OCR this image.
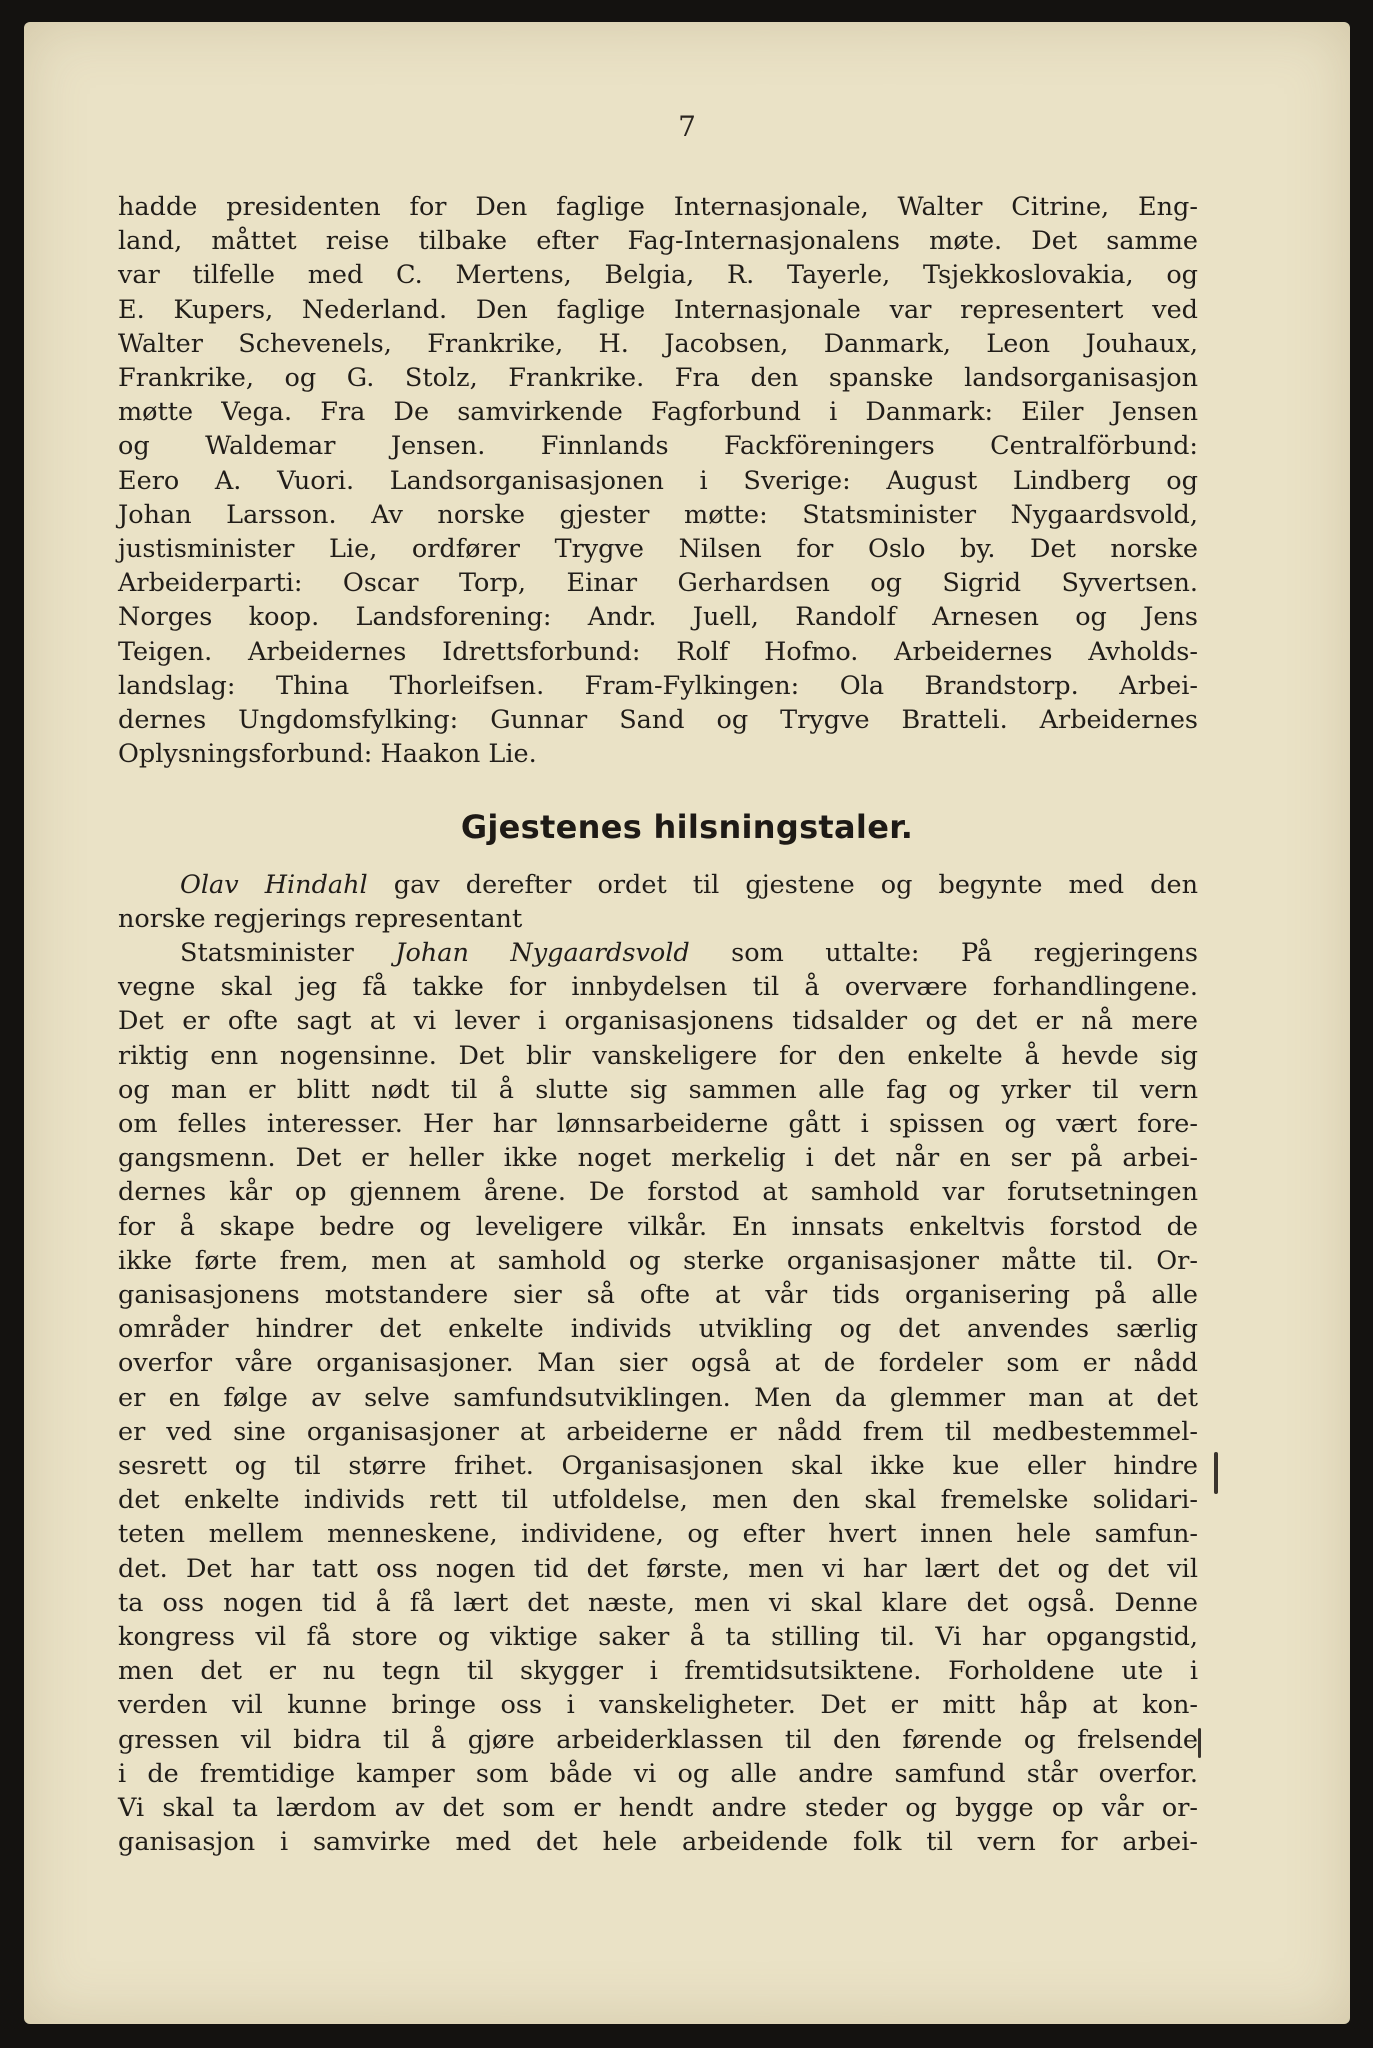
7
hadde presidenten for Den faglige Internasjonale, Walter Citrine, Eng-
land, måttet reise tilbake efter Fag-Internasjonalens møte. Det samme
var tilfelle med C. Mertens, Belgia, R. Tayerle, Tsjekkoslovakia, og
E. Kupers, Nederland. Den faglige Internasjonale var representert ved
Walter Schevenels, Frankrike, H. Jacobsen, Danmark, Leon Jouhaux,
Frankrike, og G. Stolz, Frankrike. Fra den spanske landsorganisasjon
møtte Vega. Fra De samvirkende Fagforbund i Danmark: Eiler Jensen
og Waldemar Jensen. Finnlands Fackföreningers Centralförbund:
Eero A. Vuori. Landsorganisasjonen i Sverige: August Lindberg og
Johan Larsson. Av norske gjester møtte: Statsminister Nygaardsvold,
justisminister Lie, ordfører Trygve Nilsen for Oslo by. Det norske
Arbeiderparti: Oscar Torp, Einar Gerhardsen og Sigrid Syvertsen.
Norges koop. Landsforening: Andr. Juell, Randolf Arnesen og Jens
Teigen. Arbeidernes Idrettsforbund: Rolf Hofmo. Arbeidernes Avholds-
landslag: Thina Thorleifsen. Fram-Fylkingen: Ola Brandstorp. Arbei-
dernes Ungdomsfylking: Gunnar Sand og Trygve Bratteli. Arbeidernes
Oplysningsforbund: Haakon Lie.
Gjestenes hilsningstaler.
Olav Hindahl gav derefter ordet til gjestene og begynte med den
norske regjerings representant
Statsminister Johan Nygaardsvold som uttalte: På regjeringens
vegne skal jeg få takke for innbydelsen til å overvære forhandlingene.
Det er ofte sagt at vi lever i organisasjonens tidsalder og det er nå mere
riktig enn nogensinne. Det blir vanskeligere for den enkelte å hevde sig
og man er blitt nødt til å slutte sig sammen alle fag og yrker til vern
om felles interesser. Her har lønnsarbeiderne gått i spissen og vært fore-
gangsmenn. Det er heller ikke noget merkelig i det når en ser på arbei-
dernes kår op gjennem årene. De forstod at samhold var forutsetningen
for å skape bedre og leveligere vilkår. En innsats enkeltvis forstod de
ikke førte frem, men at samhold og sterke organisasjoner måtte til. Or-
ganisasjonens motstandere sier så ofte at vår tids organisering på alle
områder hindrer det enkelte individs utvikling og det anvendes særlig
overfor våre organisasjoner. Man sier også at de fordeler som er nådd
er en følge av selve samfundsutviklingen. Men da glemmer man at det
er ved sine organisasjoner at arbeiderne er nådd frem til medbestemmel-
sesrett og til større frihet. Organisasjonen skal ikke kue eller hindre
det enkelte individs rett til utfoldelse, men den skal fremelske solidari-
teten mellem menneskene, individene, og efter hvert innen hele samfun-
det. Det har tatt oss nogen tid det første, men vi har lært det og det vil
ta oss nogen tid å få lært det næste, men vi skal klare det også. Denne
kongress vil få store og viktige saker å ta stilling til. Vi har opgangstid,
men det er nu tegn til skygger i fremtidsutsiktene. Forholdene ute i
verden vil kunne bringe oss i vanskeligheter. Det er mitt håp at kon-
gressen vil bidra til å gjøre arbeiderklassen til den førende og frelsende
i de fremtidige kamper som både vi og alle andre samfund står overfor.
Vi skal ta lærdom av det som er hendt andre steder og bygge op vår or-
ganisasjon i samvirke med det hele arbeidende folk til vern for arbei-
